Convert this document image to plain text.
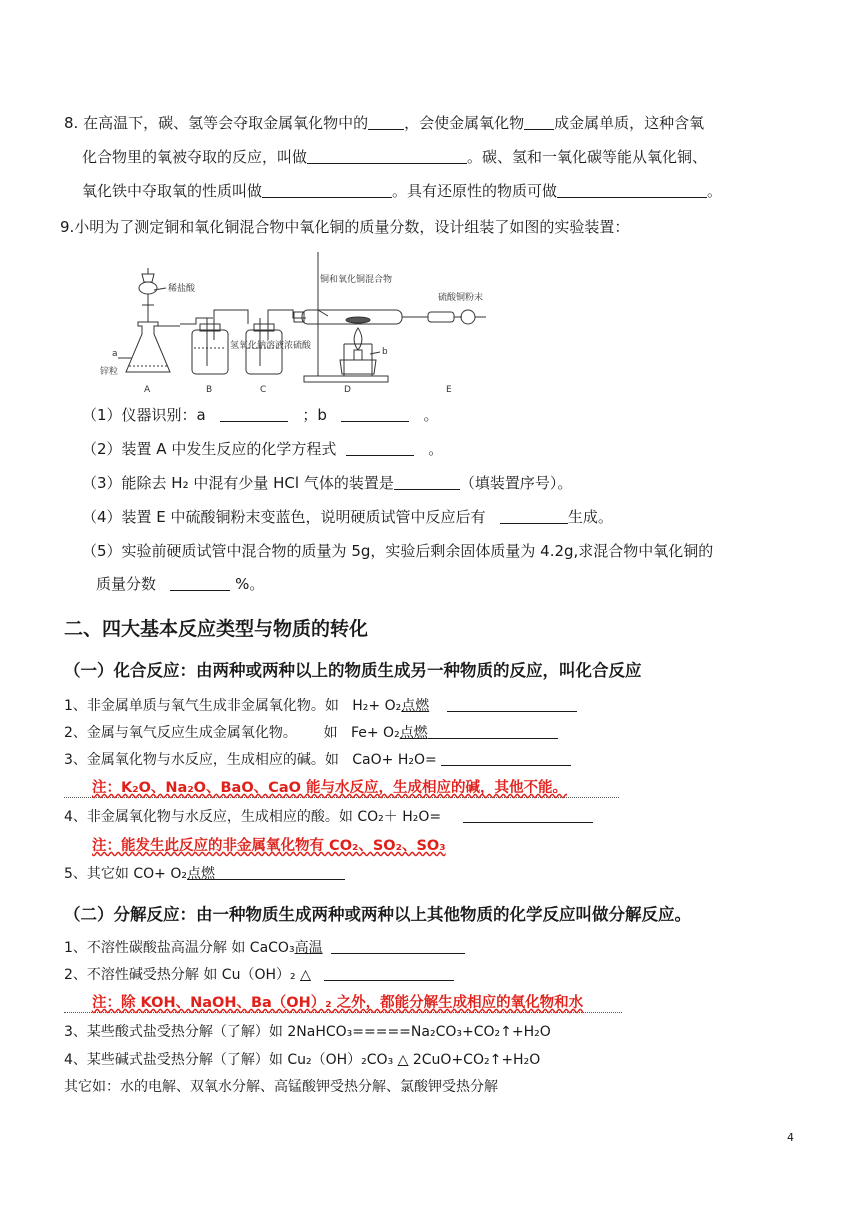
8. 在高温下，碳、氢等会夺取金属氧化物中的 ，会使金属氧化物 成金属单质，这种含氧
化合物里的氧被夺取的反应，叫做	。碳、氢和一氧化碳等能从氧化铜、
氧化铁中夺取氧的性质叫做	。具有还原性的物质可做	。
9.小明为了测定铜和氧化铜混合物中氧化铜的质量分数，设计组装了如图的实验装置：
稀盐酸
铜和氧化铜混合物
硫酸铜粉末
氢氧化钠溶液 浓硫酸
锌粒
a	b
A	B	C	D	E
（1）仪器识别：a	；b	。
（2）装置 A 中发生反应的化学方程式	。
（3）能除去 H₂ 中混有少量 HCl 气体的装置是	（填装置序号）。
（4）装置 E 中硫酸铜粉末变蓝色，说明硬质试管中反应后有	生成。
（5）实验前硬质试管中混合物的质量为 5g，实验后剩余固体质量为 4.2g,求混合物中氧化铜的
质量分数	%。
二、四大基本反应类型与物质的转化
（一）化合反应：由两种或两种以上的物质生成另一种物质的反应，叫化合反应
1、非金属单质与氧气生成非金属氧化物。如 H₂+ O₂点燃
2、金属与氧气反应生成金属氧化物。 如 Fe+ O₂点燃
3、金属氧化物与水反应，生成相应的碱。如 CaO+ H₂O=
注：K₂O、Na₂O、BaO、CaO 能与水反应，生成相应的碱，其他不能。
4、非金属氧化物与水反应，生成相应的酸。如 CO₂＋ H₂O=
注：能发生此反应的非金属氧化物有 CO₂、SO₂、SO₃
5、其它如 CO+ O₂点燃
（二）分解反应：由一种物质生成两种或两种以上其他物质的化学反应叫做分解反应。
1、不溶性碳酸盐高温分解 如 CaCO₃高温
2、不溶性碱受热分解 如 Cu（OH）₂ △
注：除 KOH、NaOH、Ba（OH）₂ 之外，都能分解生成相应的氧化物和水
3、某些酸式盐受热分解（了解）如 2NaHCO₃=====Na₂CO₃+CO₂↑+H₂O
4、某些碱式盐受热分解（了解）如 Cu₂（OH）₂CO₃ △ 2CuO+CO₂↑+H₂O
其它如：水的电解、双氧水分解、高锰酸钾受热分解、氯酸钾受热分解
4
